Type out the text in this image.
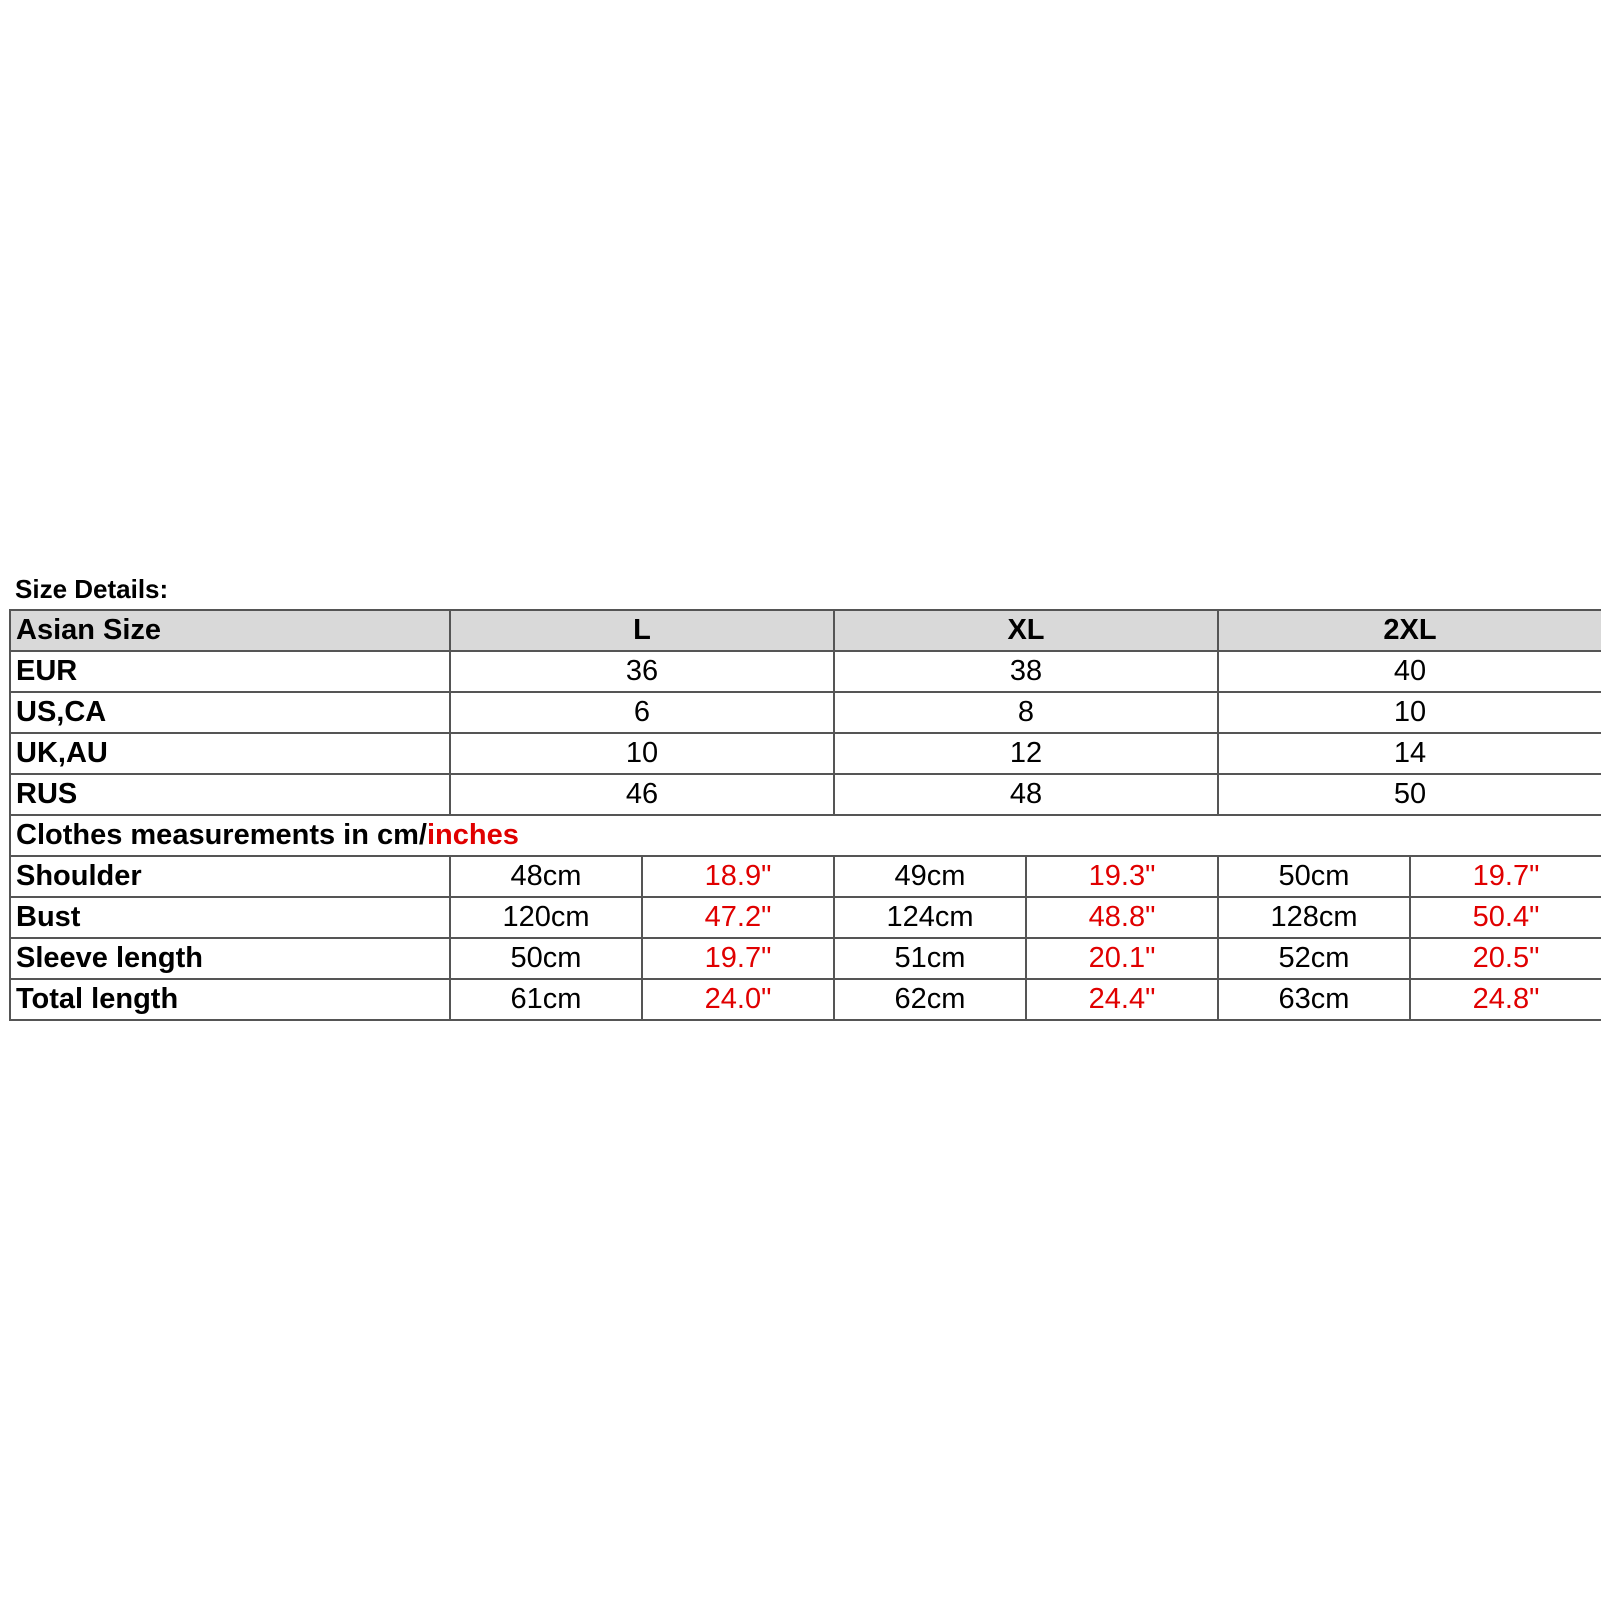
Size Details:
Asian Size	L		XL		2XL	
EUR	36		38		40	
US,CA	6		8		10	
UK,AU	10		12		14	
RUS	46		48		50	
Clothes measurements in cm/inches						
Shoulder	48cm	18.9"	49cm	19.3"	50cm	19.7"
Bust	120cm	47.2"	124cm	48.8"	128cm	50.4"
Sleeve length	50cm	19.7"	51cm	20.1"	52cm	20.5"
Total length	61cm	24.0"	62cm	24.4"	63cm	24.8"
